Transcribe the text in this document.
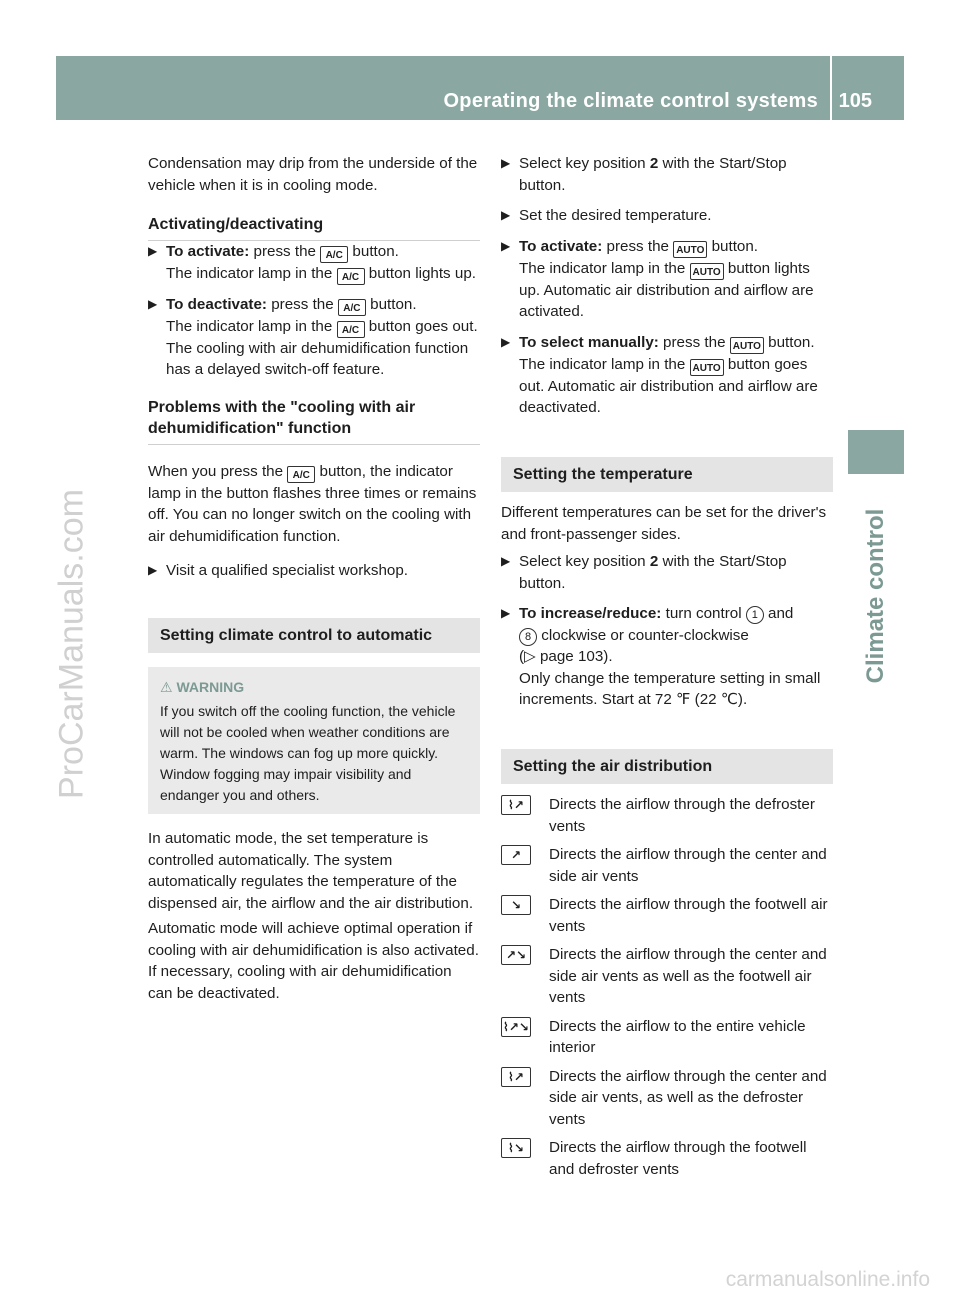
Operating the climate control systems 105
Climate control
ProCarManuals.com
carmanualsonline.info

Condensation may drip from the underside of the vehicle when it is in cooling mode.

Activating/deactivating

▶ To activate: press the A/C button.
The indicator lamp in the A/C button lights up.
▶ To deactivate: press the A/C button.
The indicator lamp in the A/C button goes out. The cooling with air dehumidification function has a delayed switch-off feature.

Problems with the "cooling with air dehumidification" function

When you press the A/C button, the indicator lamp in the button flashes three times or remains off. You can no longer switch on the cooling with air dehumidification function.

▶ Visit a qualified specialist workshop.
Setting climate control to automatic
⚠ WARNING
If you switch off the cooling function, the vehicle will not be cooled when weather conditions are warm. The windows can fog up more quickly. Window fogging may impair visibility and endanger you and others.

In automatic mode, the set temperature is controlled automatically. The system automatically regulates the temperature of the dispensed air, the airflow and the air distribution.

Automatic mode will achieve optimal operation if cooling with air dehumidification is also activated. If necessary, cooling with air dehumidification can be deactivated.

▶ Select key position 2 with the Start/Stop button.
▶ Set the desired temperature.
▶ To activate: press the AUTO button.
The indicator lamp in the AUTO button lights up. Automatic air distribution and airflow are activated.
▶ To select manually: press the AUTO button.
The indicator lamp in the AUTO button goes out. Automatic air distribution and airflow are deactivated.
Setting the temperature

Different temperatures can be set for the driver's and front-passenger sides.

▶ Select key position 2 with the Start/Stop button.
▶ To increase/reduce: turn control 1 and
8 clockwise or counter-clockwise
(▷ page 103).
Only change the temperature setting in small increments. Start at 72 ℉ (22 ℃).
Setting the air distribution
⌇↗	Directs the airflow through the defroster vents
↗	Directs the airflow through the center and side air vents
↘	Directs the airflow through the footwell air vents
↗↘	Directs the airflow through the center and side air vents as well as the footwell air vents
⌇↗↘ Directs the airflow to the entire vehicle interior
⌇↗	Directs the airflow through the center and side air vents, as well as the defroster vents
⌇↘	Directs the airflow through the footwell and defroster vents
